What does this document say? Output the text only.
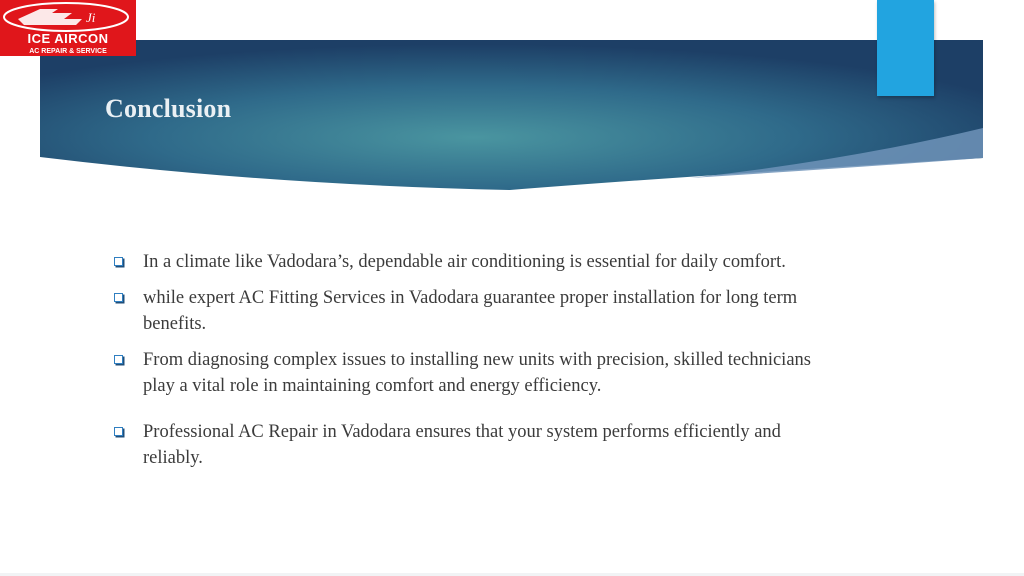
Ji
ICE AIRCON
AC REPAIR & SERVICE
Conclusion
In a climate like Vadodara’s, dependable air conditioning is essential for daily comfort.
while expert AC Fitting Services in Vadodara guarantee proper installation for long term benefits.
From diagnosing complex issues to installing new units with precision, skilled technicians play a vital role in maintaining comfort and energy efficiency.
Professional AC Repair in Vadodara ensures that your system performs efficiently and reliably.
